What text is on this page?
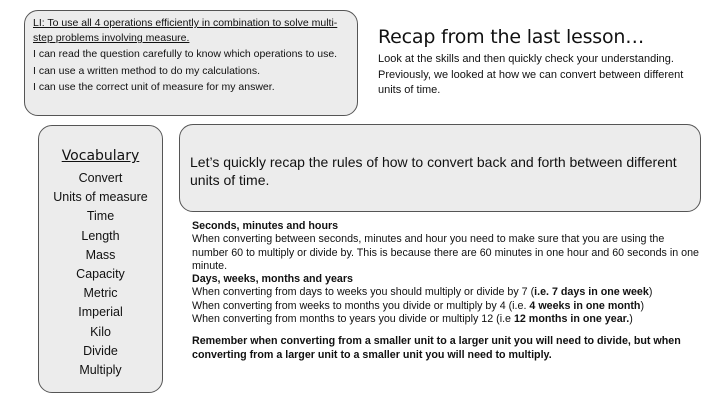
LI: To use all 4 operations efficiently in combination to solve multi-step problems involving measure.
I can read the question carefully to know which operations to use.
I can use a written method to do my calculations.
I can use the correct unit of measure for my answer.
Recap from the last lesson…
Look at the skills and then quickly check your understanding. Previously, we looked at how we can convert between different units of time.
Vocabulary
Convert
Units of measure
Time
Length
Mass
Capacity
Metric
Imperial
Kilo
Divide
Multiply
Let’s quickly recap the rules of how to convert back and forth between different units of time.
Seconds, minutes and hours
When converting between seconds, minutes and hour you need to make sure that you are using the number 60 to multiply or divide by. This is because there are 60 minutes in one hour and 60 seconds in one minute.
Days, weeks, months and years
When converting from days to weeks you should multiply or divide by 7 (i.e. 7 days in one week)
When converting from weeks to months you divide or multiply by 4 (i.e. 4 weeks in one month)
When converting from months to years you divide or multiply 12 (i.e 12 months in one year.)
Remember when converting from a smaller unit to a larger unit you will need to divide, but when converting from a larger unit to a smaller unit you will need to multiply.
